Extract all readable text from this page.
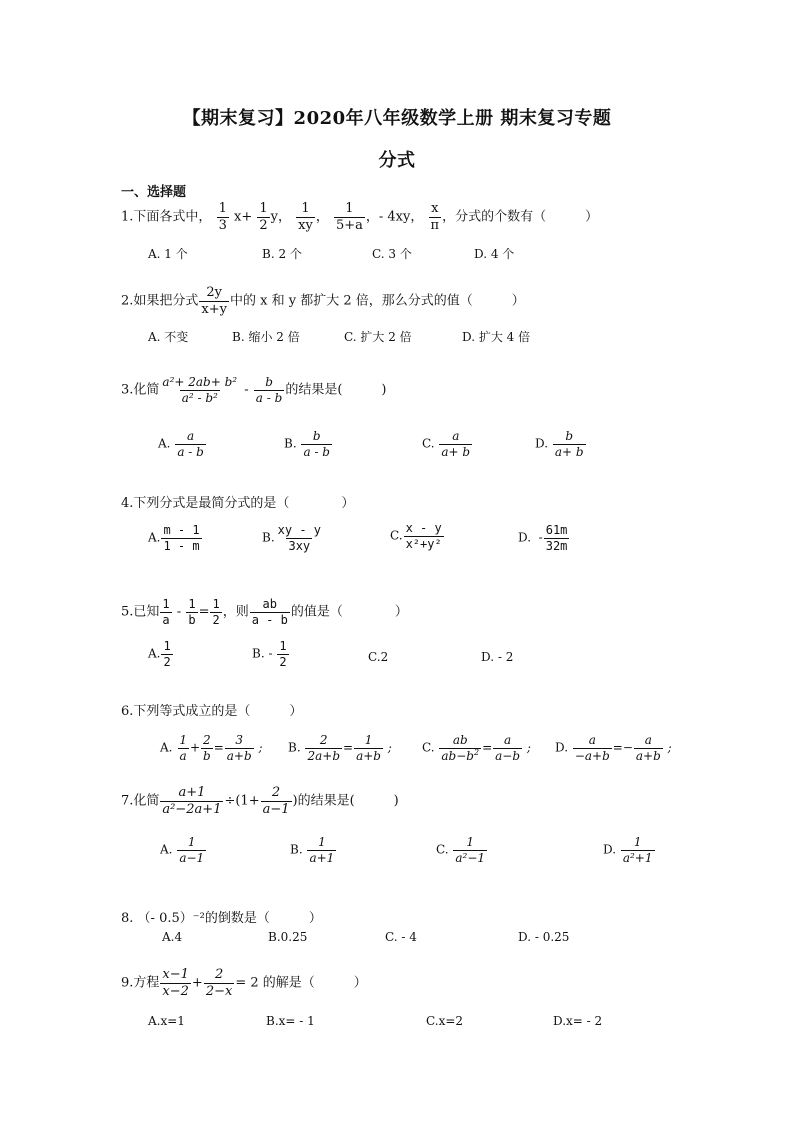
【期末复习】2020年八年级数学上册 期末复习专题
分式
一、选择题
1.下面各式中， $\frac{1}{3} x+ \frac{1}{2}$ y， $\frac{1}{xy}$ ， $\frac{1}{5+a}$ ，- 4xy， $\frac{x}{\pi}$ ，分式的个数有（　　　）
A. 1 个	B. 2 个	C. 3 个	D. 4 个
2.如果把分式 $\frac{2y}{x+y}$ 中的 x 和 y 都扩大 2 倍，那么分式的值（　　　）
A. 不变	B. 缩小 2 倍	C. 扩大 2 倍	D. 扩大 4 倍
3.化简 $\frac{\text{a²+ 2ab+ b²}}{\text{a² - b²}} - \frac{b}{a - b}$ 的结果是(　　　)
A. $\frac{a}{a - b}$	B. $\frac{b}{a - b}$	C. $\frac{a}{a+ b}$	D. $\frac{b}{a+ b}$
4.下列分式是最简分式的是（　　　　）
A. $\frac{m - 1}{1 - m}$	B. $\frac{xy - y}{3xy}$	C. $\frac{x - y}{\text{x²+y²}}$	D. - $\frac{61m}{32m}$
5.已知 $\frac{1}{a} - \frac{1}{b} = \frac{1}{2}$ ，则 $\frac{ab}{a - b}$ 的值是（　　　　）
A. $\frac{1}{2}$	B. - $\frac{1}{2}$	C.2	D. - 2
6.下列等式成立的是（　　　）
A. $\frac{1}{a} + \frac{2}{b} = \frac{3}{a+b}$ ; B. $\frac{2}{2a+b} = \frac{1}{a+b}$ ;	C. $\frac{ab}{ab-b^2} = \frac{a}{a-b}$ ; D. $\frac{a}{-a+b} =- \frac{a}{a+b}$ ;
7.化简 $\frac{a+1}{\text{a²−2a+1}} \div(1+ \frac{2}{a-1}$ )的结果是(　　　)
A. $\frac{1}{a-1}$	B. $\frac{1}{a+1}$	C. $\frac{1}{\text{a²−1}}$	D. $\frac{1}{\text{a²+1}}$
8. （- 0.5）⁻²的倒数是（　　　）
A.4	B.0.25	C. - 4	D. - 0.25
9.方程 $\frac{x-1}{x-2} + \frac{2}{2-x} = 2$ 的解是（　　　）
A.x=1	B.x= - 1	C.x=2	D.x= - 2
